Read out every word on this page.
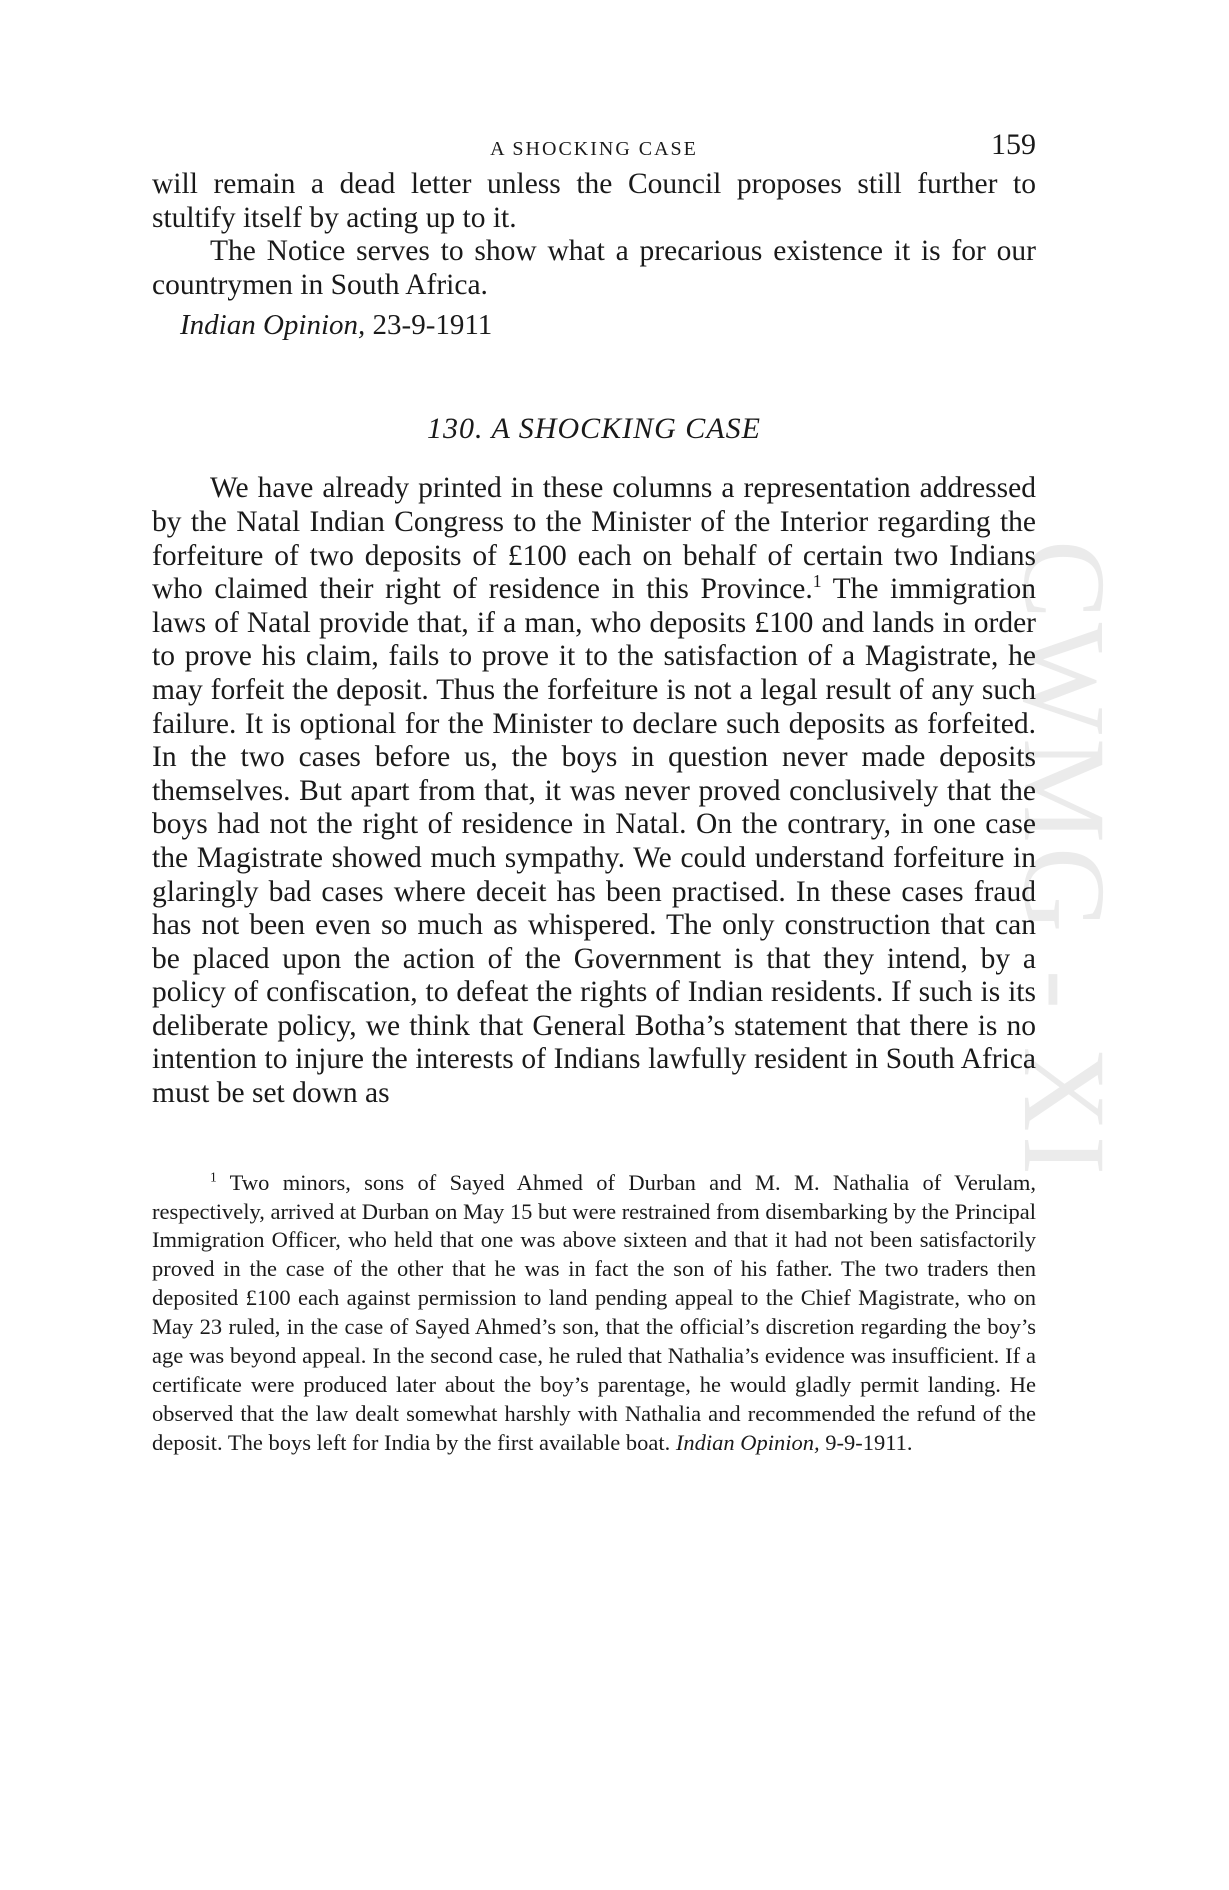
CWMG - XI
A SHOCKING CASE	159

will remain a dead letter unless the Council proposes still further to stultify itself by acting up to it.

The Notice serves to show what a precarious existence it is for our countrymen in South Africa.

Indian Opinion, 23-9-1911
130. A SHOCKING CASE

We have already printed in these columns a representation addressed by the Natal Indian Congress to the Minister of the Interior regarding the forfeiture of two deposits of £100 each on behalf of certain two Indians who claimed their right of residence in this Province.$^1$ The immigration laws of Natal provide that, if a man, who deposits £100 and lands in order to prove his claim, fails to prove it to the satisfaction of a Magistrate, he may forfeit the deposit. Thus the forfeiture is not a legal result of any such failure. It is optional for the Minister to declare such deposits as forfeited. In the two cases before us, the boys in question never made deposits themselves. But apart from that, it was never proved conclusively that the boys had not the right of residence in Natal. On the contrary, in one case the Magistrate showed much sympathy. We could understand forfeiture in glaringly bad cases where deceit has been practised. In these cases fraud has not been even so much as whispered. The only construction that can be placed upon the action of the Government is that they intend, by a policy of confiscation, to defeat the rights of Indian residents. If such is its deliberate policy, we think that General Botha’s statement that there is no intention to injure the interests of Indians lawfully resident in South Africa must be set down as

$^1$ Two minors, sons of Sayed Ahmed of Durban and M. M. Nathalia of Verulam, respectively, arrived at Durban on May 15 but were restrained from disembarking by the Principal Immigration Officer, who held that one was above sixteen and that it had not been satisfactorily proved in the case of the other that he was in fact the son of his father. The two traders then deposited £100 each against permission to land pending appeal to the Chief Magistrate, who on May 23 ruled, in the case of Sayed Ahmed’s son, that the official’s discretion regarding the boy’s age was beyond appeal. In the second case, he ruled that Nathalia’s evidence was insufficient. If a certificate were produced later about the boy’s parentage, he would gladly permit landing. He observed that the law dealt somewhat harshly with Nathalia and recommended the refund of the deposit. The boys left for India by the first available boat. Indian Opinion, 9-9-1911.
